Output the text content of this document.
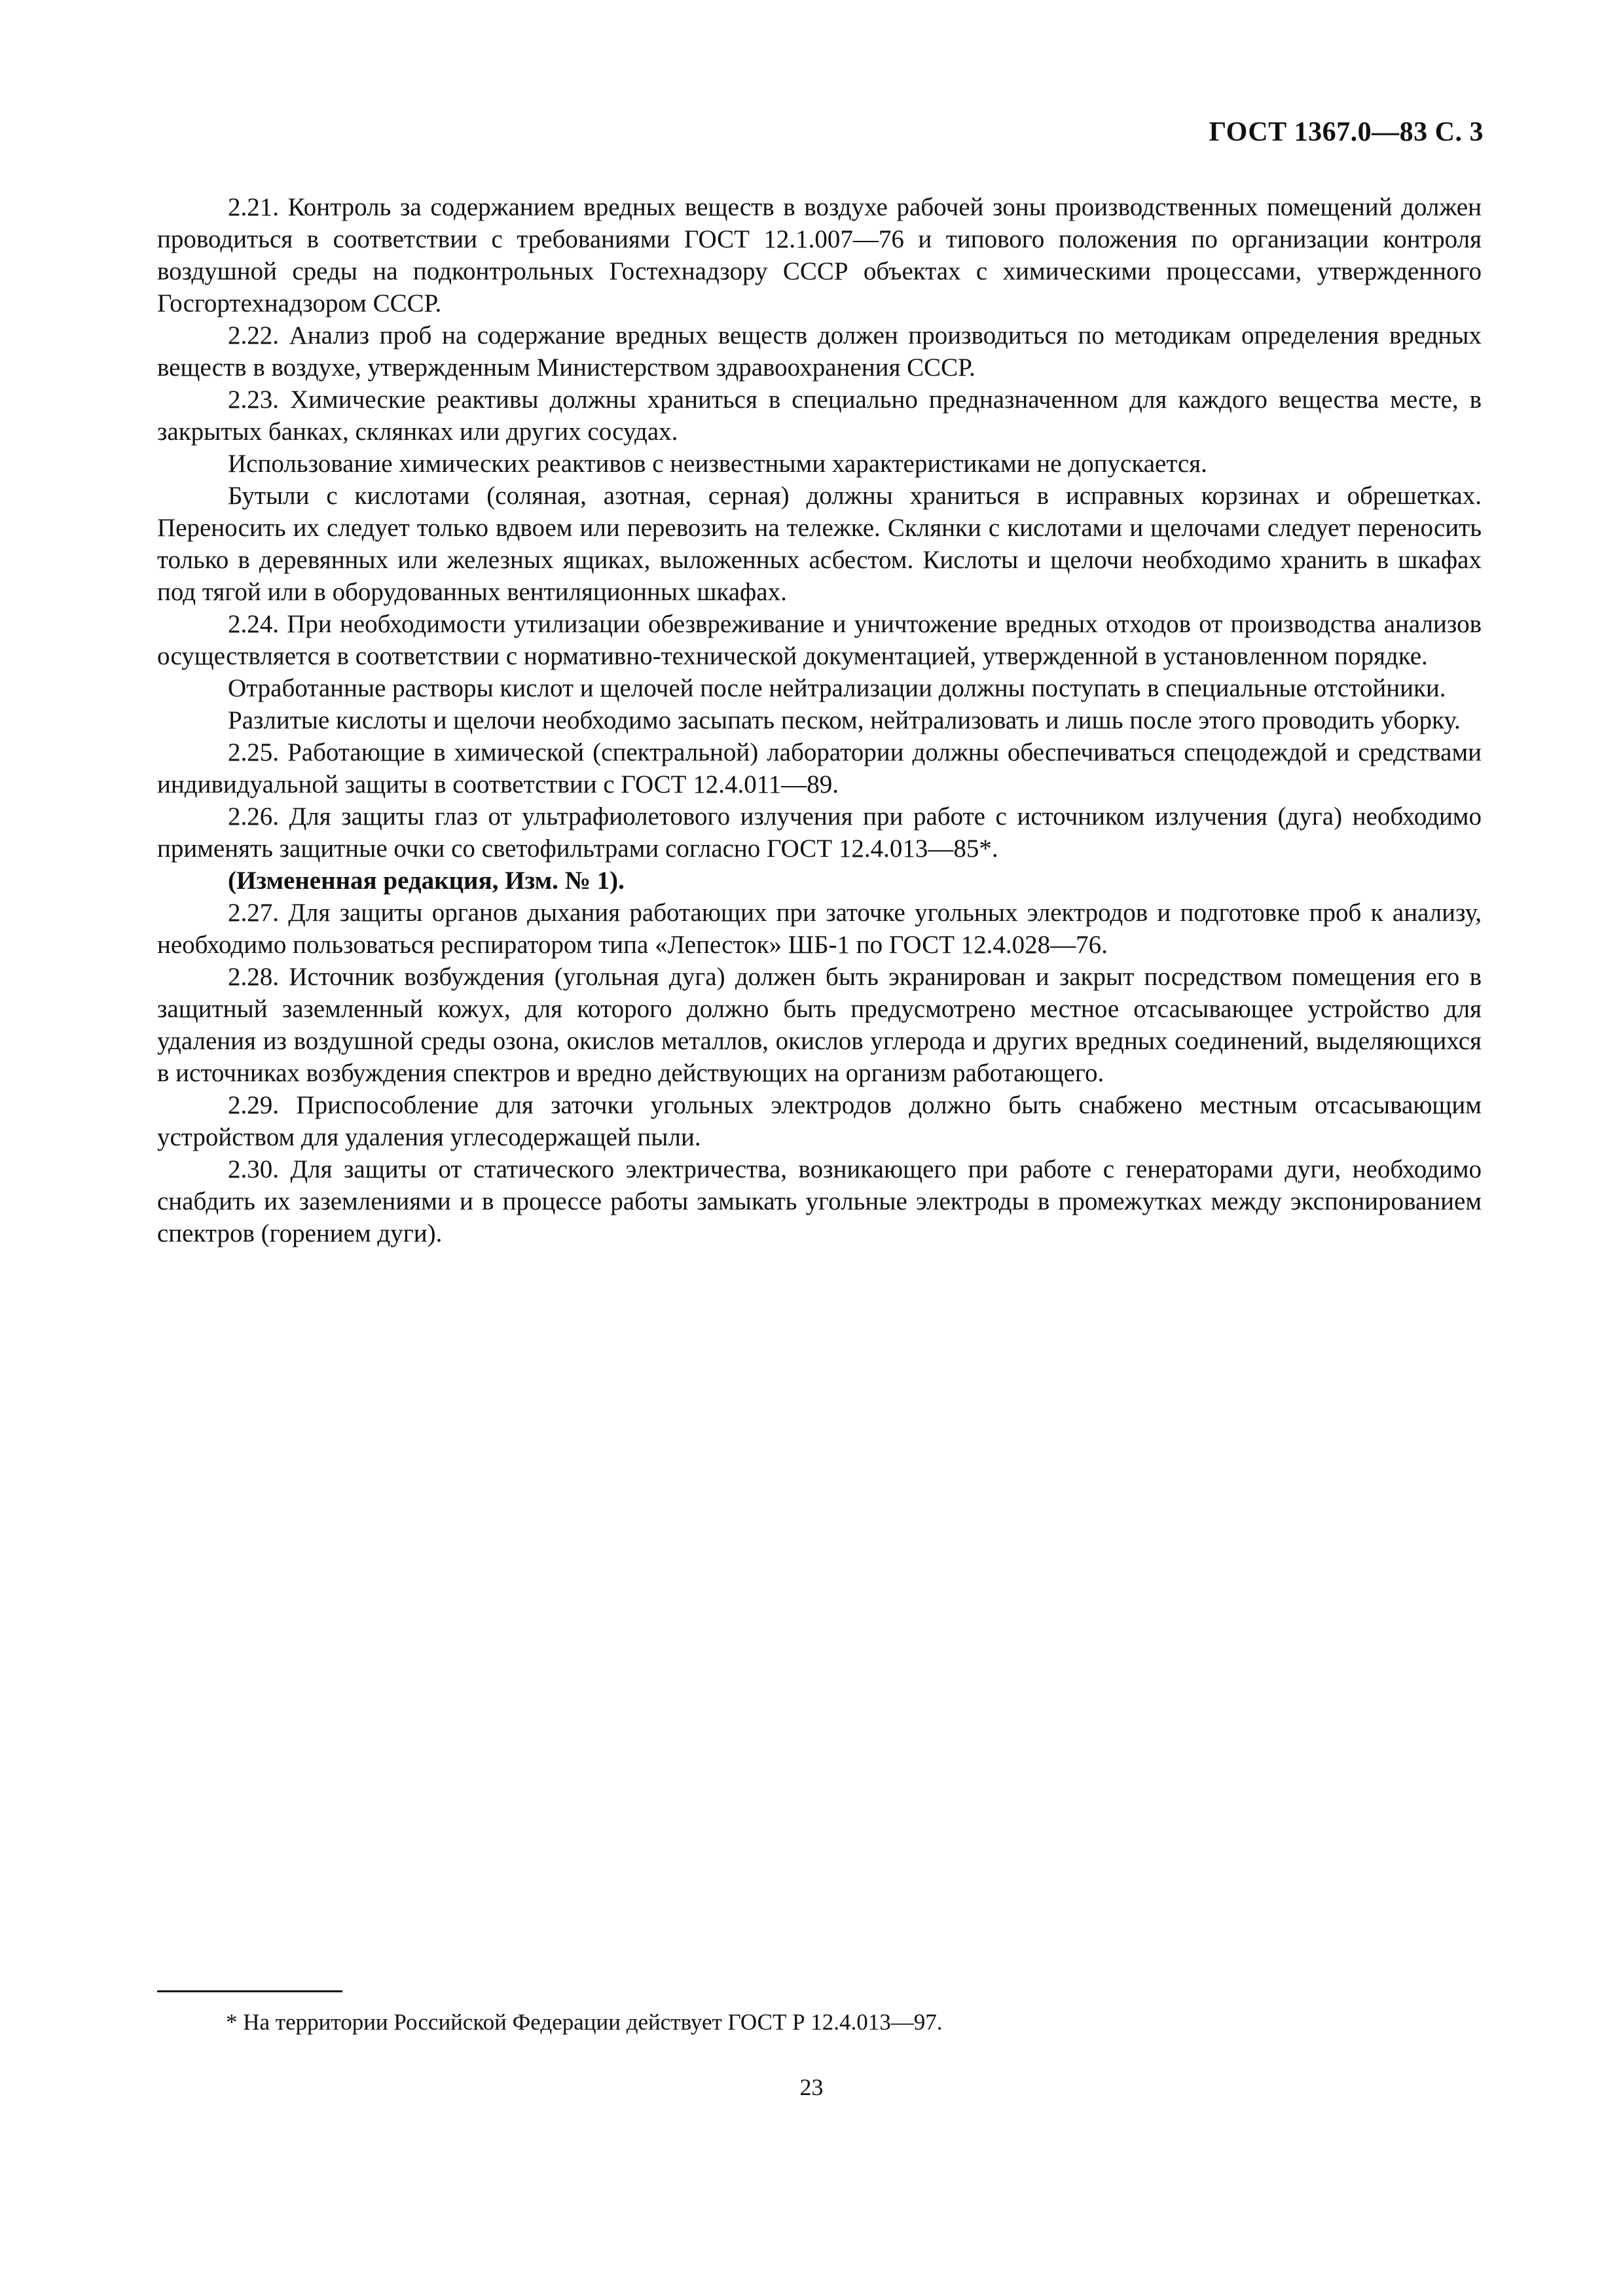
ГОСТ 1367.0—83 С. 3

2.21. Контроль за содержанием вредных веществ в воздухе рабочей зоны производственных помещений должен проводиться в соответствии с требованиями ГОСТ 12.1.007—76 и типового положения по организации контроля воздушной среды на подконтрольных Гостехнадзору СССР объектах с химическими процессами, утвержденного Госгортехнадзором СССР.

2.22. Анализ проб на содержание вредных веществ должен производиться по методикам определения вредных веществ в воздухе, утвержденным Министерством здравоохранения СССР.

2.23. Химические реактивы должны храниться в специально предназначенном для каждого вещества месте, в закрытых банках, склянках или других сосудах.

Использование химических реактивов с неизвестными характеристиками не допускается.

Бутыли с кислотами (соляная, азотная, серная) должны храниться в исправных корзинах и обрешетках. Переносить их следует только вдвоем или перевозить на тележке. Склянки с кислотами и щелочами следует переносить только в деревянных или железных ящиках, выложенных асбестом. Кислоты и щелочи необходимо хранить в шкафах под тягой или в оборудованных вентиляционных шкафах.

2.24. При необходимости утилизации обезвреживание и уничтожение вредных отходов от производства анализов осуществляется в соответствии с нормативно-технической документацией, утвержденной в установленном порядке.

Отработанные растворы кислот и щелочей после нейтрализации должны поступать в специальные отстойники.

Разлитые кислоты и щелочи необходимо засыпать песком, нейтрализовать и лишь после этого проводить уборку.

2.25. Работающие в химической (спектральной) лаборатории должны обеспечиваться спецодеждой и средствами индивидуальной защиты в соответствии с ГОСТ 12.4.011—89.

2.26. Для защиты глаз от ультрафиолетового излучения при работе с источником излучения (дуга) необходимо применять защитные очки со светофильтрами согласно ГОСТ 12.4.013—85*.

(Измененная редакция, Изм. № 1).

2.27. Для защиты органов дыхания работающих при заточке угольных электродов и подготовке проб к анализу, необходимо пользоваться респиратором типа «Лепесток» ШБ-1 по ГОСТ 12.4.028—76.

2.28. Источник возбуждения (угольная дуга) должен быть экранирован и закрыт посредством помещения его в защитный заземленный кожух, для которого должно быть предусмотрено местное отсасывающее устройство для удаления из воздушной среды озона, окислов металлов, окислов углерода и других вредных соединений, выделяющихся в источниках возбуждения спектров и вредно действующих на организм работающего.

2.29. Приспособление для заточки угольных электродов должно быть снабжено местным отсасывающим устройством для удаления углесодержащей пыли.

2.30. Для защиты от статического электричества, возникающего при работе с генераторами дуги, необходимо снабдить их заземлениями и в процессе работы замыкать угольные электроды в промежутках между экспонированием спектров (горением дуги).

* На территории Российской Федерации действует ГОСТ Р 12.4.013—97.
23
